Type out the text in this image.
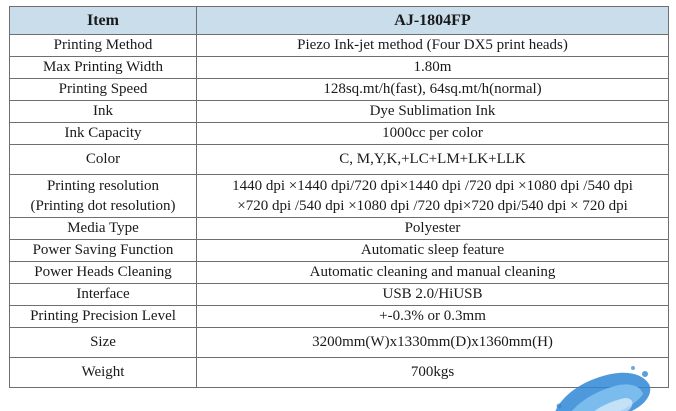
Item	AJ-1804FP
Printing Method	Piezo Ink-jet method (Four DX5 print heads)
Max Printing Width	1.80m
Printing Speed	128sq.mt/h(fast), 64sq.mt/h(normal)
Ink	Dye Sublimation Ink
Ink Capacity	1000cc per color
Color	C, M,Y,K,+LC+LM+LK+LLK

Printing resolution
(Printing dot resolution)	1440 dpi ×1440 dpi/720 dpi×1440 dpi /720 dpi ×1080 dpi /540 dpi
×720 dpi /540 dpi ×1080 dpi /720 dpi×720 dpi/540 dpi × 720 dpi

Media Type	Polyester
Power Saving Function	Automatic sleep feature
Power Heads Cleaning	Automatic cleaning and manual cleaning
Interface	USB 2.0/HiUSB
Printing Precision Level	+-0.3% or 0.3mm
Size	3200mm(W)x1330mm(D)x1360mm(H)
Weight	700kgs
